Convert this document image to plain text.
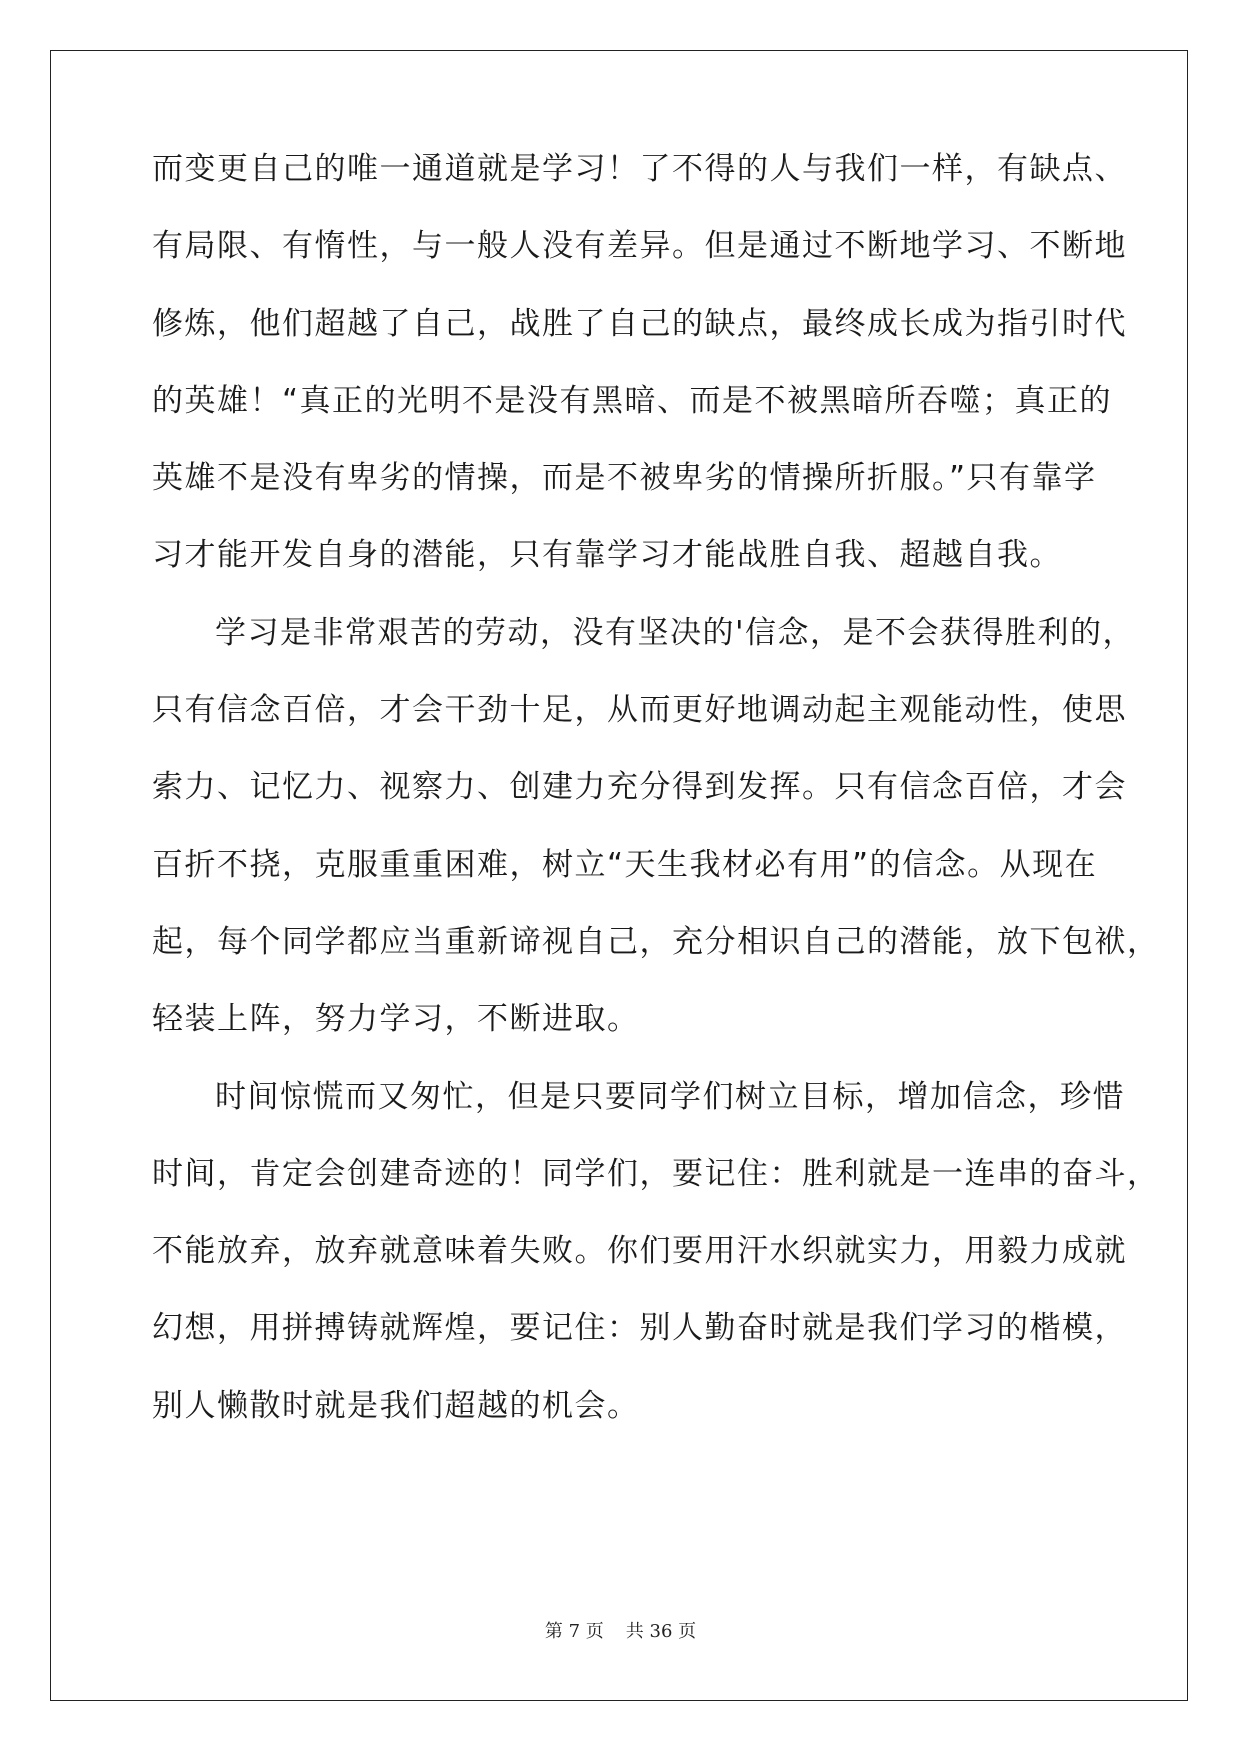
而变更自己的唯一通道就是学习！了不得的人与我们一样，有缺点、
有局限、有惰性，与一般人没有差异。但是通过不断地学习、不断地
修炼，他们超越了自己，战胜了自己的缺点，最终成长成为指引时代
的英雄！“真正的光明不是没有黑暗、而是不被黑暗所吞噬；真正的
英雄不是没有卑劣的情操，而是不被卑劣的情操所折服。”只有靠学
习才能开发自身的潜能，只有靠学习才能战胜自我、超越自我。
学习是非常艰苦的劳动，没有坚决的'信念，是不会获得胜利的，
只有信念百倍，才会干劲十足，从而更好地调动起主观能动性，使思
索力、记忆力、视察力、创建力充分得到发挥。只有信念百倍，才会
百折不挠，克服重重困难，树立“天生我材必有用”的信念。从现在
起，每个同学都应当重新谛视自己，充分相识自己的潜能，放下包袱，
轻装上阵，努力学习，不断进取。
时间惊慌而又匆忙，但是只要同学们树立目标，增加信念，珍惜
时间，肯定会创建奇迹的！同学们，要记住：胜利就是一连串的奋斗，
不能放弃，放弃就意味着失败。你们要用汗水织就实力，用毅力成就
幻想，用拼搏铸就辉煌，要记住：别人勤奋时就是我们学习的楷模，
别人懒散时就是我们超越的机会。
第 7 页 共 36 页
